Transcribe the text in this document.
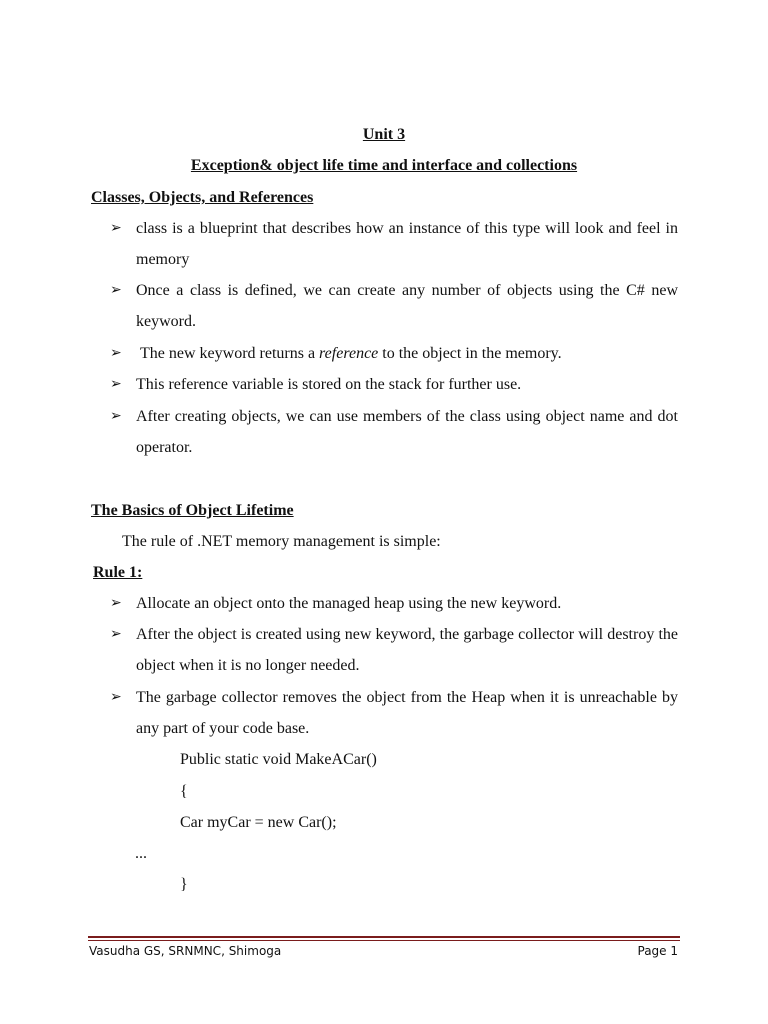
Unit 3
Exception& object life time and interface and collections
Classes, Objects, and References
➢ class is a blueprint that describes how an instance of this type will look and feel in memory
➢ Once a class is defined, we can create any number of objects using the C# new keyword.
➢ The new keyword returns a reference to the object in the memory.
➢ This reference variable is stored on the stack for further use.
➢ After creating objects, we can use members of the class using object name and dot operator.
The Basics of Object Lifetime
The rule of .NET memory management is simple:
Rule 1:
➢ Allocate an object onto the managed heap using the new keyword.
➢ After the object is created using new keyword, the garbage collector will destroy the object when it is no longer needed.
➢ The garbage collector removes the object from the Heap when it is unreachable by any part of your code base.
Public static void MakeACar()
{
Car myCar = new Car();
...
}
Vasudha GS, SRNMNC, Shimoga	Page 1
